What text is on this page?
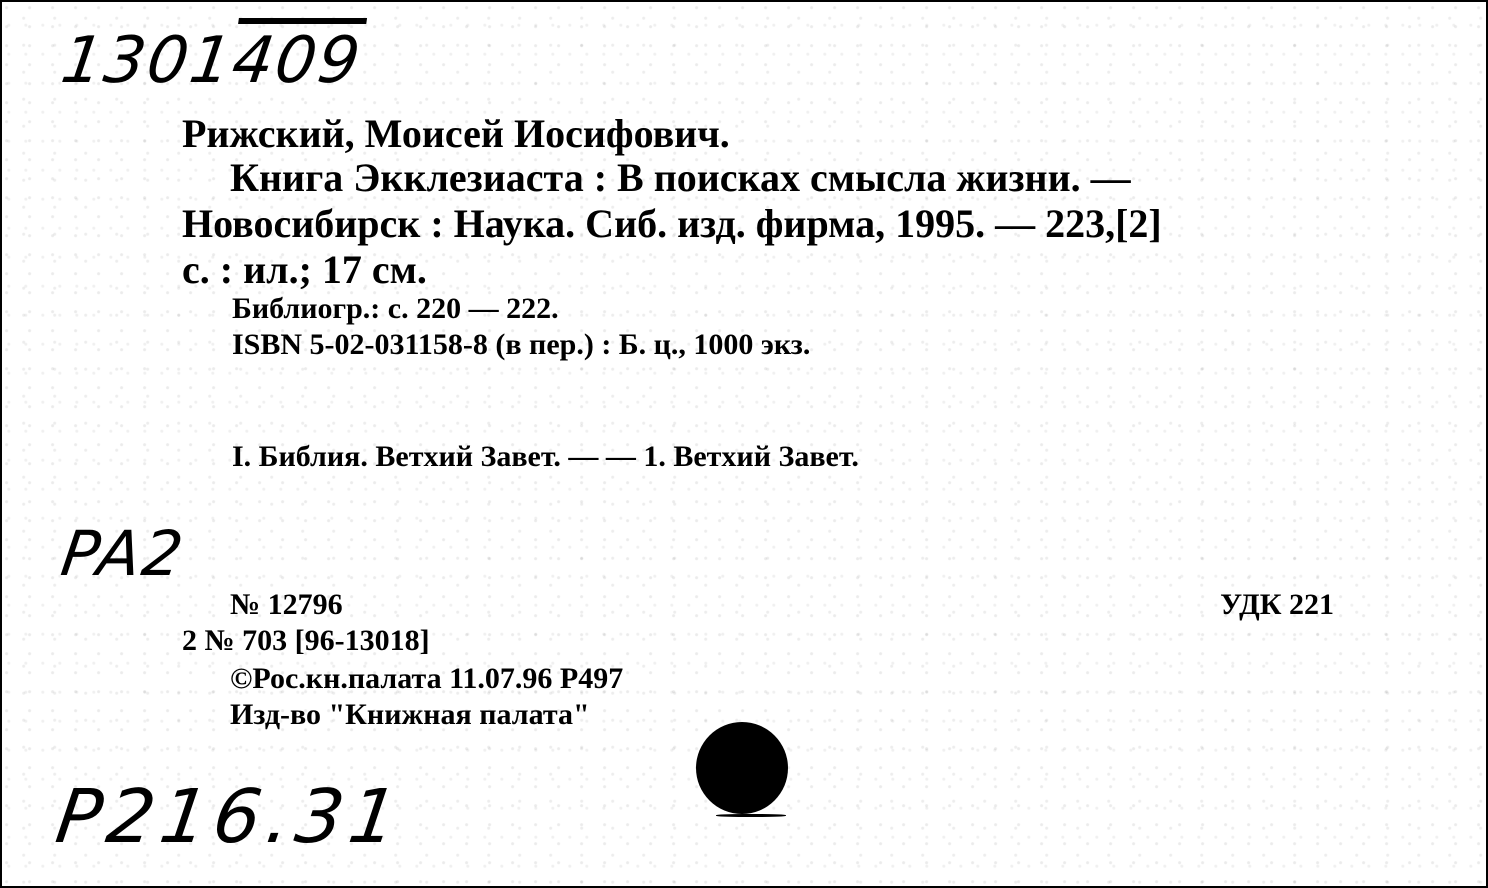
1301409
Рижский, Моисей Иосифович.
Книга Экклезиаста : В поисках смысла жизни. —
Новосибирск : Наука. Сиб. изд. фирма, 1995. — 223,[2]
с. : ил.; 17 см.
Библиогр.: с. 220 — 222.
ISBN 5-02-031158-8 (в пер.) : Б. ц., 1000 экз.
I. Библия. Ветхий Завет. — — 1. Ветхий Завет.
PA2
№ 12796	УДК 221
2 № 703 [96-13018]
©Рос.кн.палата 11.07.96 Р497
Изд-во "Книжная палата"
P216.31
